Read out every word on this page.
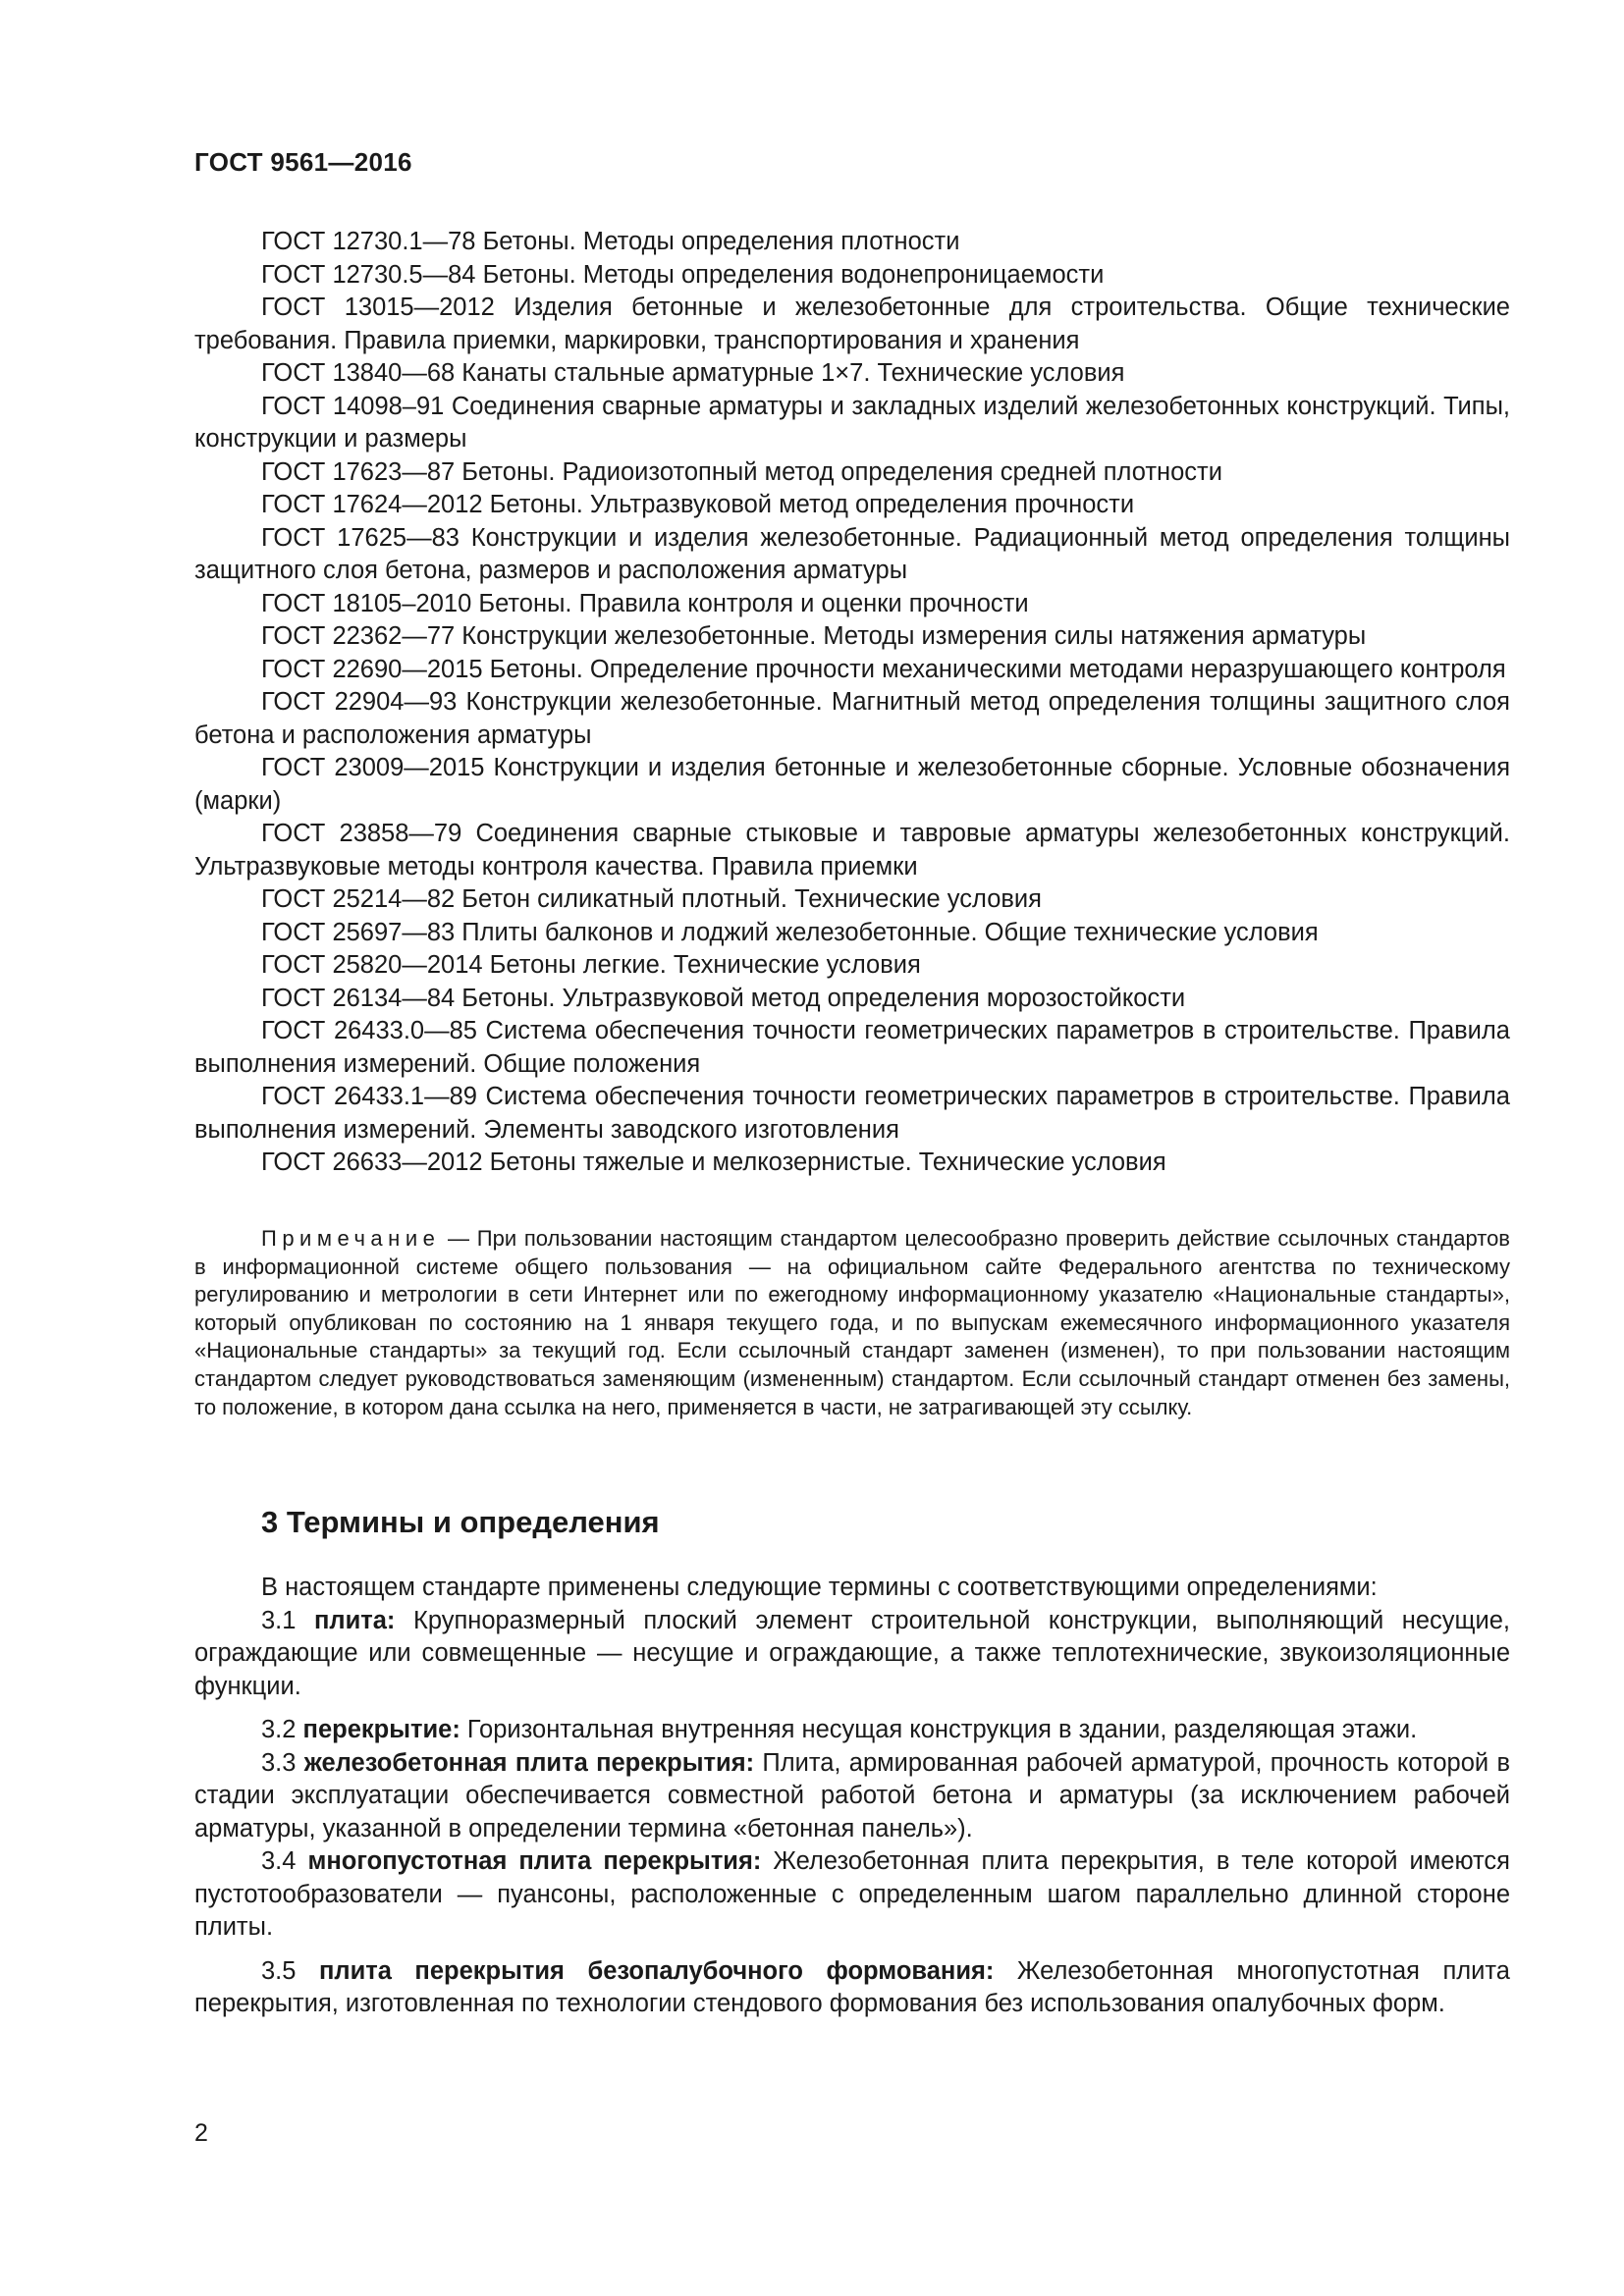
ГОСТ 9561—2016

ГОСТ 12730.1—78 Бетоны. Методы определения плотности

ГОСТ 12730.5—84 Бетоны. Методы определения водонепроницаемости

ГОСТ 13015—2012 Изделия бетонные и железобетонные для строительства. Общие технические требования. Правила приемки, маркировки, транспортирования и хранения

ГОСТ 13840—68 Канаты стальные арматурные 1×7. Технические условия

ГОСТ 14098–91 Соединения сварные арматуры и закладных изделий железобетонных конструкций. Типы, конструкции и размеры

ГОСТ 17623—87 Бетоны. Радиоизотопный метод определения средней плотности

ГОСТ 17624—2012 Бетоны. Ультразвуковой метод определения прочности

ГОСТ 17625—83 Конструкции и изделия железобетонные. Радиационный метод определения толщины защитного слоя бетона, размеров и расположения арматуры

ГОСТ 18105–2010 Бетоны. Правила контроля и оценки прочности

ГОСТ 22362—77 Конструкции железобетонные. Методы измерения силы натяжения арматуры

ГОСТ 22690—2015 Бетоны. Определение прочности механическими методами неразрушающего контроля

ГОСТ 22904—93 Конструкции железобетонные. Магнитный метод определения толщины защитного слоя бетона и расположения арматуры

ГОСТ 23009—2015 Конструкции и изделия бетонные и железобетонные сборные. Условные обозначения (марки)

ГОСТ 23858—79 Соединения сварные стыковые и тавровые арматуры железобетонных конструкций. Ультразвуковые методы контроля качества. Правила приемки

ГОСТ 25214—82 Бетон силикатный плотный. Технические условия

ГОСТ 25697—83 Плиты балконов и лоджий железобетонные. Общие технические условия

ГОСТ 25820—2014 Бетоны легкие. Технические условия

ГОСТ 26134—84 Бетоны. Ультразвуковой метод определения морозостойкости

ГОСТ 26433.0—85 Система обеспечения точности геометрических параметров в строительстве. Правила выполнения измерений. Общие положения

ГОСТ 26433.1—89 Система обеспечения точности геометрических параметров в строительстве. Правила выполнения измерений. Элементы заводского изготовления

ГОСТ 26633—2012 Бетоны тяжелые и мелкозернистые. Технические условия

Примечание — При пользовании настоящим стандартом целесообразно проверить действие ссылочных стандартов в информационной системе общего пользования — на официальном сайте Федерального агентства по техническому регулированию и метрологии в сети Интернет или по ежегодному информационному указателю «Национальные стандарты», который опубликован по состоянию на 1 января текущего года, и по выпускам ежемесячного информационного указателя «Национальные стандарты» за текущий год. Если ссылочный стандарт заменен (изменен), то при пользовании настоящим стандартом следует руководствоваться заменяющим (измененным) стандартом. Если ссылочный стандарт отменен без замены, то положение, в котором дана ссылка на него, применяется в части, не затрагивающей эту ссылку.

3 Термины и определения

В настоящем стандарте применены следующие термины с соответствующими определениями:

3.1 плита: Крупноразмерный плоский элемент строительной конструкции, выполняющий несущие, ограждающие или совмещенные — несущие и ограждающие, а также теплотехнические, звукоизоляционные функции.

3.2 перекрытие: Горизонтальная внутренняя несущая конструкция в здании, разделяющая этажи.

3.3 железобетонная плита перекрытия: Плита, армированная рабочей арматурой, прочность которой в стадии эксплуатации обеспечивается совместной работой бетона и арматуры (за исключением рабочей арматуры, указанной в определении термина «бетонная панель»).

3.4 многопустотная плита перекрытия: Железобетонная плита перекрытия, в теле которой имеются пустотообразователи — пуансоны, расположенные с определенным шагом параллельно длинной стороне плиты.

3.5 плита перекрытия безопалубочного формования: Железобетонная многопустотная плита перекрытия, изготовленная по технологии стендового формования без использования опалубочных форм.

2
